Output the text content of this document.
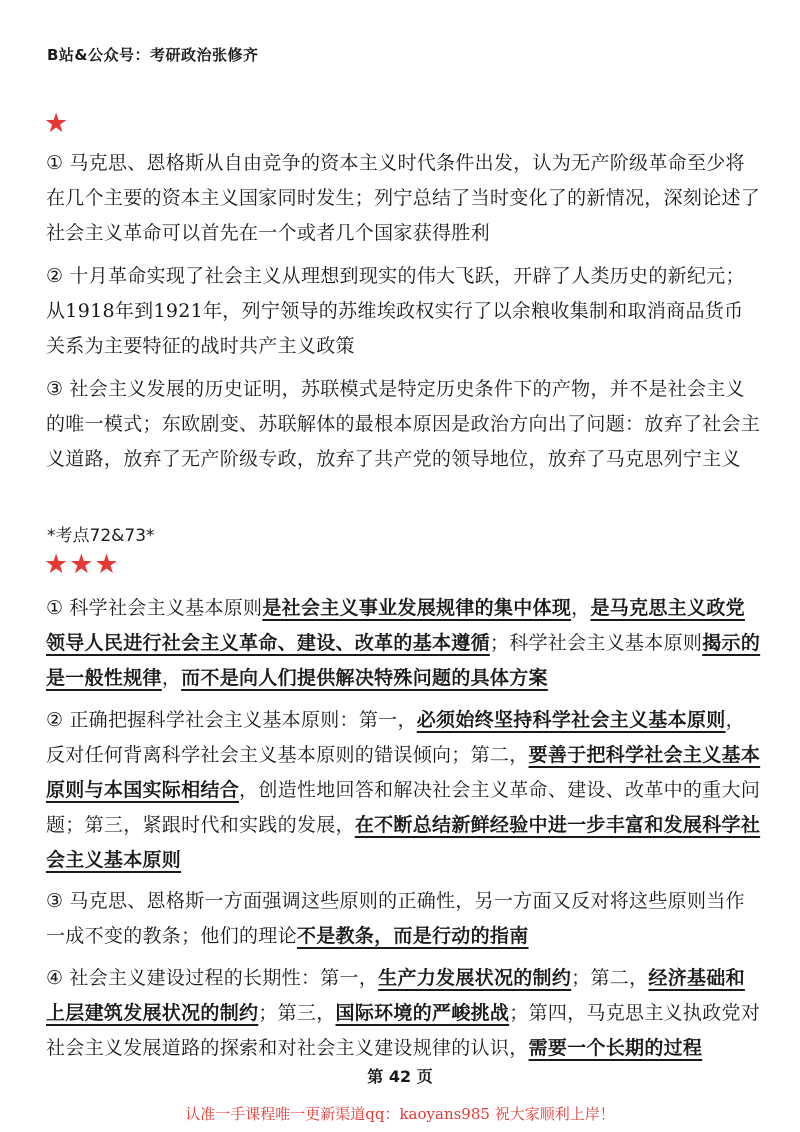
B站&公众号：考研政治张修齐
★
① 马克思、恩格斯从自由竞争的资本主义时代条件出发，认为无产阶级革命至少将在几个主要的资本主义国家同时发生；列宁总结了当时变化了的新情况，深刻论述了社会主义革命可以首先在一个或者几个国家获得胜利
② 十月革命实现了社会主义从理想到现实的伟大飞跃，开辟了人类历史的新纪元；从1918年到1921年，列宁领导的苏维埃政权实行了以余粮收集制和取消商品货币关系为主要特征的战时共产主义政策
③ 社会主义发展的历史证明，苏联模式是特定历史条件下的产物，并不是社会主义的唯一模式；东欧剧变、苏联解体的最根本原因是政治方向出了问题：放弃了社会主义道路，放弃了无产阶级专政，放弃了共产党的领导地位，放弃了马克思列宁主义
*考点72&73*
★★★
① 科学社会主义基本原则是社会主义事业发展规律的集中体现，是马克思主义政党领导人民进行社会主义革命、建设、改革的基本遵循；科学社会主义基本原则揭示的是一般性规律，而不是向人们提供解决特殊问题的具体方案
② 正确把握科学社会主义基本原则：第一，必须始终坚持科学社会主义基本原则，反对任何背离科学社会主义基本原则的错误倾向；第二，要善于把科学社会主义基本原则与本国实际相结合，创造性地回答和解决社会主义革命、建设、改革中的重大问题；第三，紧跟时代和实践的发展，在不断总结新鲜经验中进一步丰富和发展科学社会主义基本原则
③ 马克思、恩格斯一方面强调这些原则的正确性，另一方面又反对将这些原则当作一成不变的教条；他们的理论不是教条，而是行动的指南
④ 社会主义建设过程的长期性：第一，生产力发展状况的制约；第二，经济基础和上层建筑发展状况的制约；第三，国际环境的严峻挑战；第四，马克思主义执政党对社会主义发展道路的探索和对社会主义建设规律的认识，需要一个长期的过程
第 42 页
认准一手课程唯一更新渠道qq：kaoyans985 祝大家顺利上岸！
